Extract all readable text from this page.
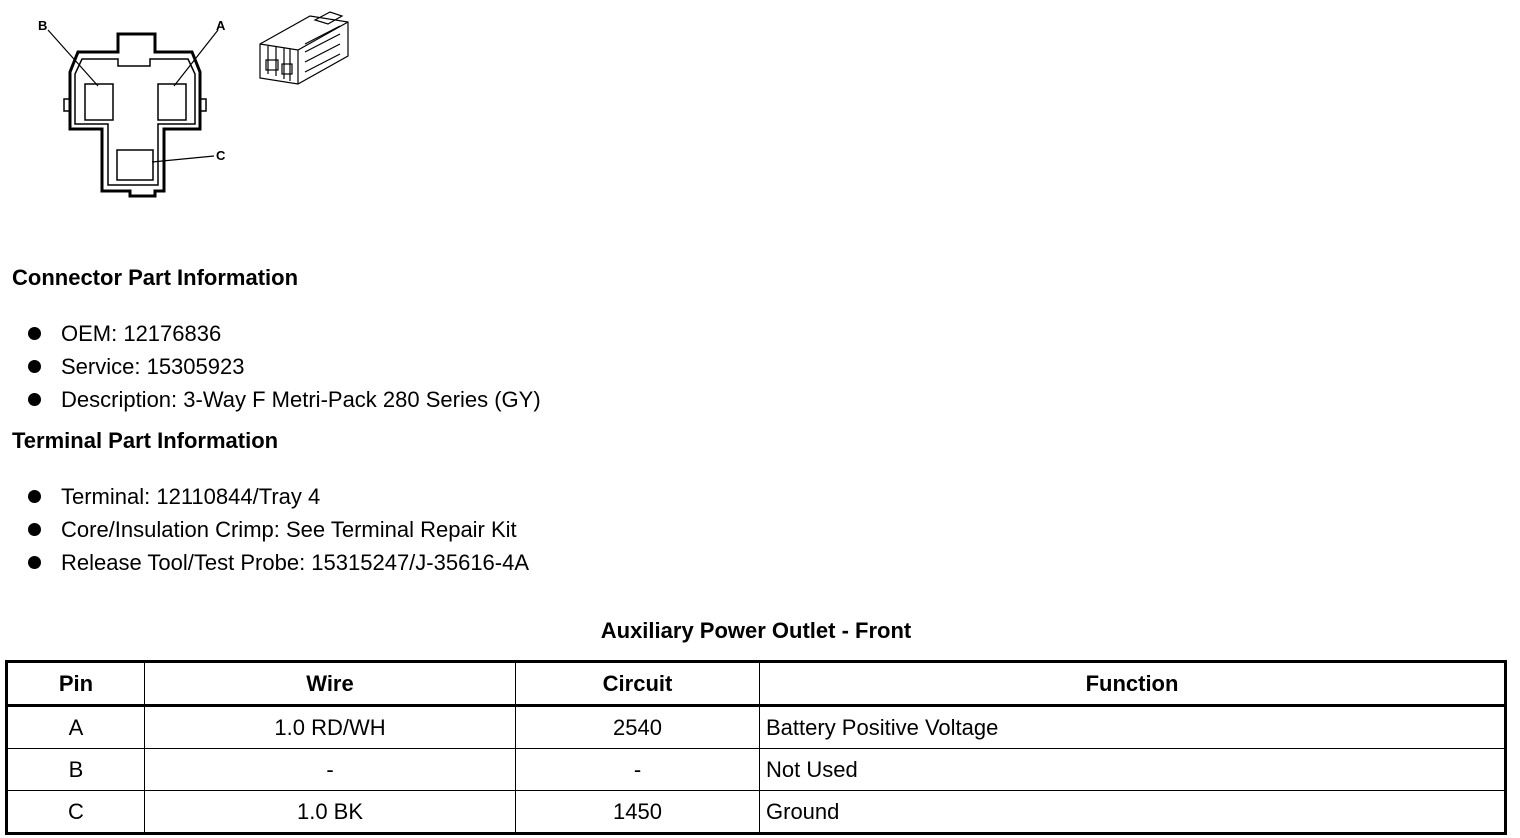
B	A
C
Connector Part Information
OEM: 12176836
Service: 15305923
Description: 3-Way F Metri-Pack 280 Series (GY)
Terminal Part Information
Terminal: 12110844/Tray 4
Core/Insulation Crimp: See Terminal Repair Kit
Release Tool/Test Probe: 15315247/J-35616-4A
Auxiliary Power Outlet - Front
Pin	Wire	Circuit	Function
A	1.0 RD/WH	2540	Battery Positive Voltage
B	-	-	Not Used
C	1.0 BK	1450	Ground
